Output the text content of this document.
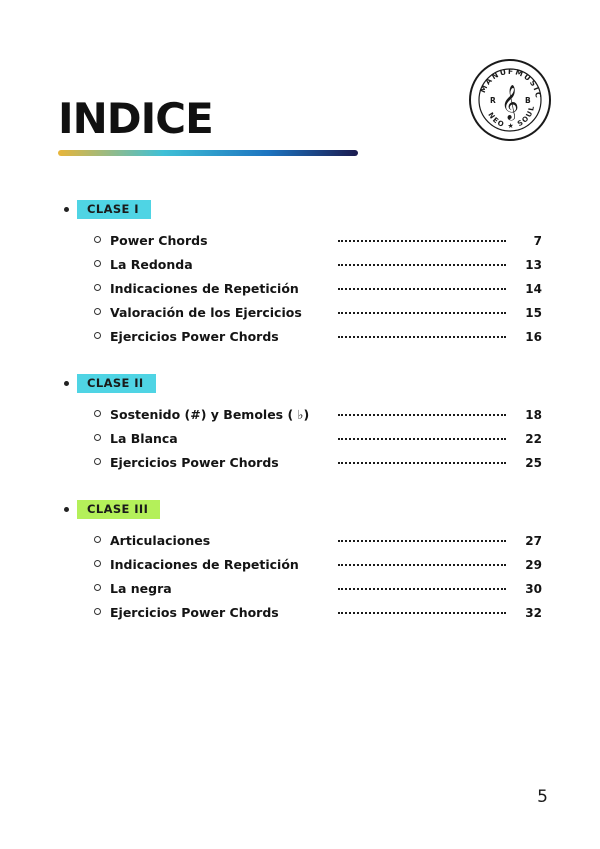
MANUFMUSIC
NEO ★ SOUL
R	B
𝄞
INDICE
CLASE I
Power Chords	7
La Redonda	13
Indicaciones de Repetición	14
Valoración de los Ejercicios	15
Ejercicios Power Chords	16
CLASE II
Sostenido (#) y Bemoles ( ♭)	18
La Blanca	22
Ejercicios Power Chords	25
CLASE III
Articulaciones	27
Indicaciones de Repetición	29
La negra	30
Ejercicios Power Chords	32
5
